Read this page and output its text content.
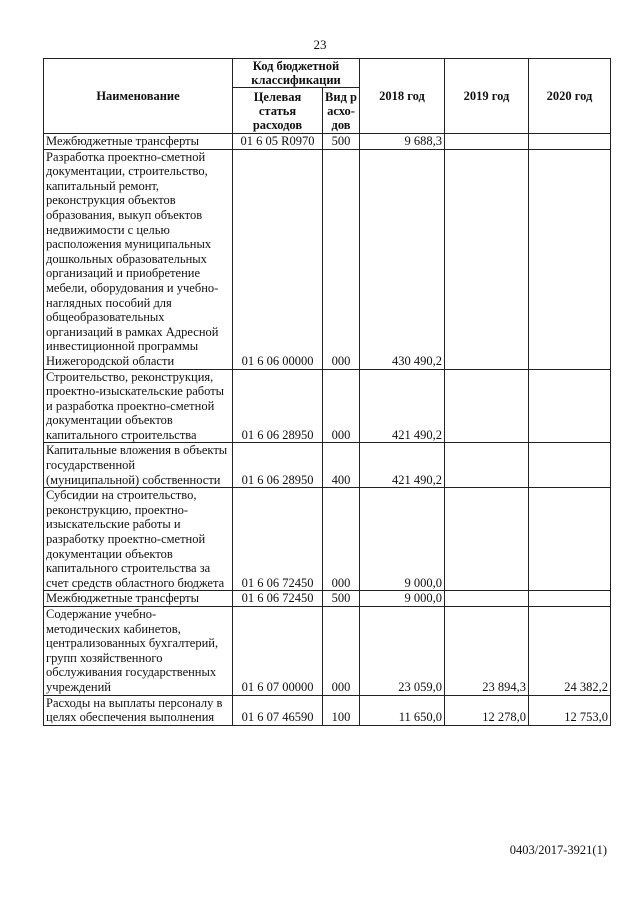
23
Наименование	Код бюджетной классификации		2018 год	2019 год	2020 год
	Целевая статья расходов	Вид расхо-дов			
Межбюджетные трансферты	01 6 05 R0970	500	9 688,3		
Разработка проектно-сметной документации, строительство, капитальный ремонт, реконструкция объектов образования, выкуп объектов недвижимости с целью расположения муниципальных дошкольных образовательных организаций и приобретение мебели, оборудования и учебно-наглядных пособий для общеобразовательных организаций в рамках Адресной инвестиционной программы Нижегородской области	01 6 06 00000	000	430 490,2		
Строительство, реконструкция, проектно-изыскательские работы и разработка проектно-сметной документации объектов капитального строительства	01 6 06 28950	000	421 490,2		
Капитальные вложения в объекты государственной (муниципальной) собственности	01 6 06 28950	400	421 490,2		
Субсидии на строительство, реконструкцию, проектно-изыскательские работы и разработку проектно-сметной документации объектов капитального строительства за счет средств областного бюджета	01 6 06 72450	000	9 000,0		
Межбюджетные трансферты	01 6 06 72450	500	9 000,0		
Содержание учебно-методических кабинетов, централизованных бухгалтерий, групп хозяйственного обслуживания государственных учреждений	01 6 07 00000	000	23 059,0	23 894,3	24 382,2
Расходы на выплаты персоналу в целях обеспечения выполнения	01 6 07 46590	100	11 650,0	12 278,0	12 753,0
0403/2017-3921(1)
